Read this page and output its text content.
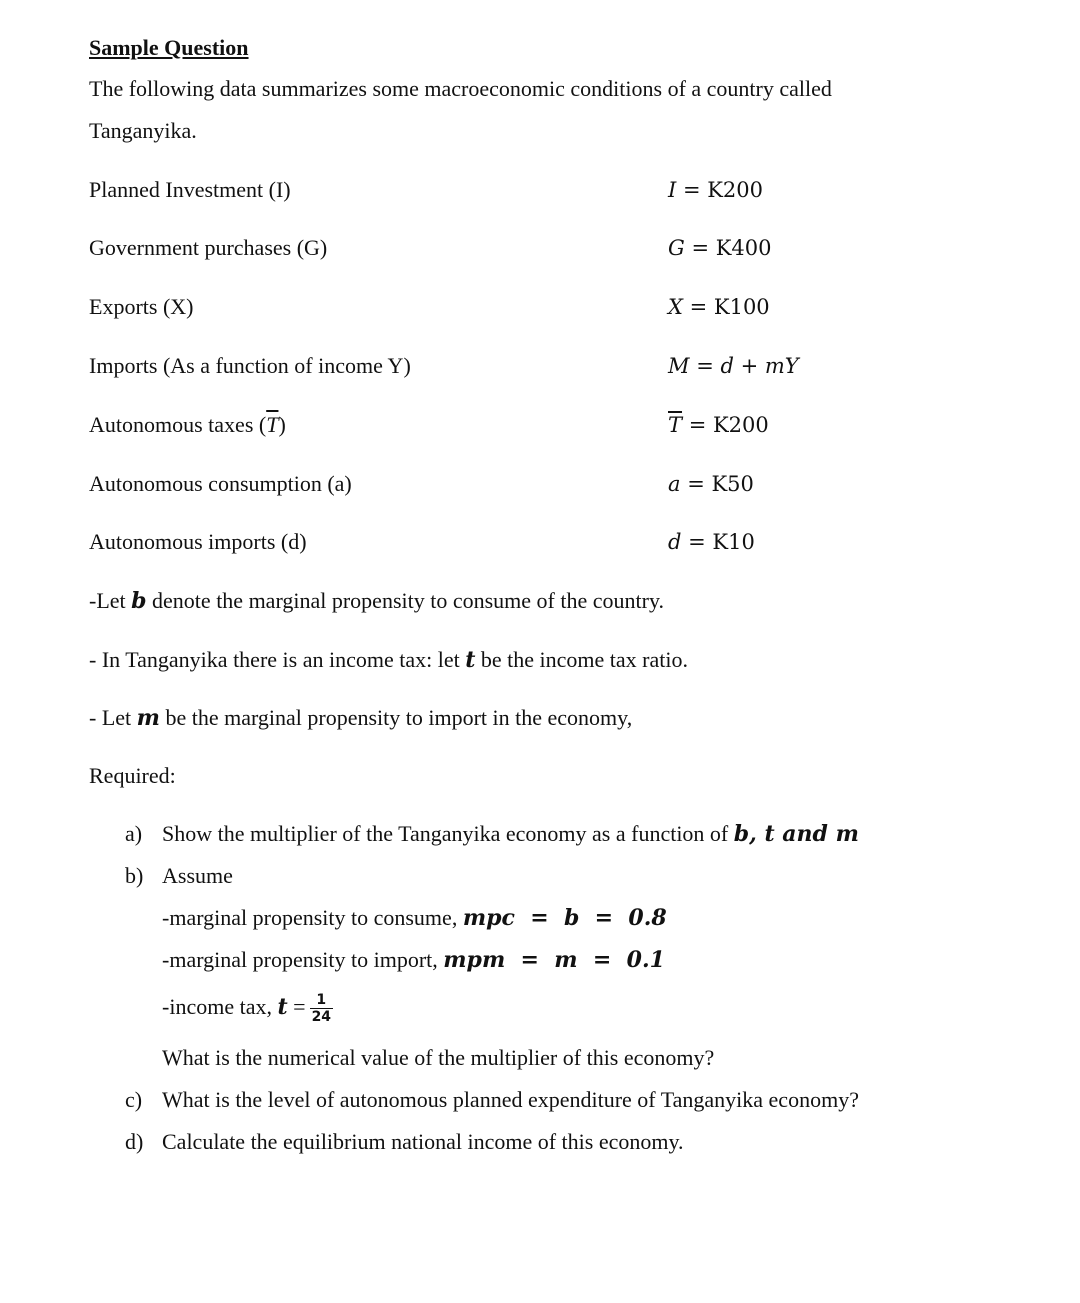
Sample Question
The following data summarizes some macroeconomic conditions of a country called
Tanganyika.
Planned Investment (I)	I = K200
Government purchases (G)	G = K400
Exports (X)	X = K100
Imports (As a function of income Y)	M = d + mY
Autonomous taxes $(\overline{T})$	$\overline{T} = K200$
Autonomous consumption (a)	a = K50
Autonomous imports (d)	d = K10
-Let b denote the marginal propensity to consume of the country.
- In Tanganyika there is an income tax: let t be the income tax ratio.
- Let m be the marginal propensity to import in the economy,
Required:
a) Show the multiplier of the Tanganyika economy as a function of b, t and m
b) Assume
-marginal propensity to consume, mpc  =  b  =  0.8
-marginal propensity to import, mpm  =  m  =  0.1
-income tax, $t = \frac{1}{24}$
What is the numerical value of the multiplier of this economy?
c) What is the level of autonomous planned expenditure of Tanganyika economy?
d) Calculate the equilibrium national income of this economy.
